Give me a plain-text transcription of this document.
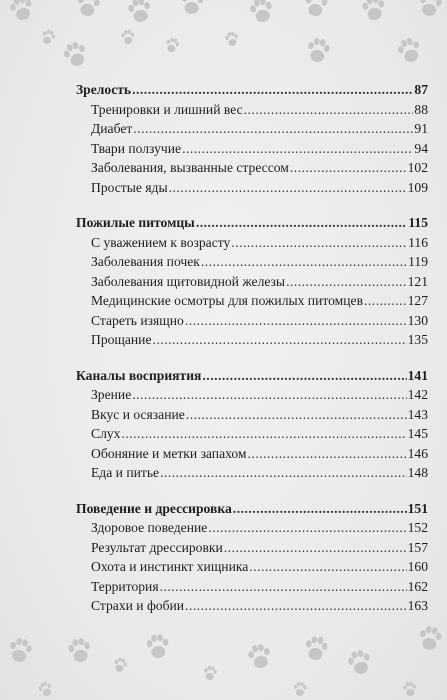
Зрелость .....	87
Тренировки и лишний вес .....	88
Диабет .....	91
Твари ползучие .....	94
Заболевания, вызванные стрессом .....	102
Простые яды .....	109
Пожилые питомцы .....	115
С уважением к возрасту .....	116
Заболевания почек .....	119
Заболевания щитовидной железы .....	121
Медицинские осмотры для пожилых питомцев .....	127
Стареть изящно .....	130
Прощание .....	135
Каналы восприятия .....	141
Зрение .....	142
Вкус и осязание .....	143
Слух .....	145
Обоняние и метки запахом .....	146
Еда и питье .....	148
Поведение и дрессировка .....	151
Здоровое поведение .....	152
Результат дрессировки .....	157
Охота и инстинкт хищника .....	160
Территория .....	162
Страхи и фобии .....	163
